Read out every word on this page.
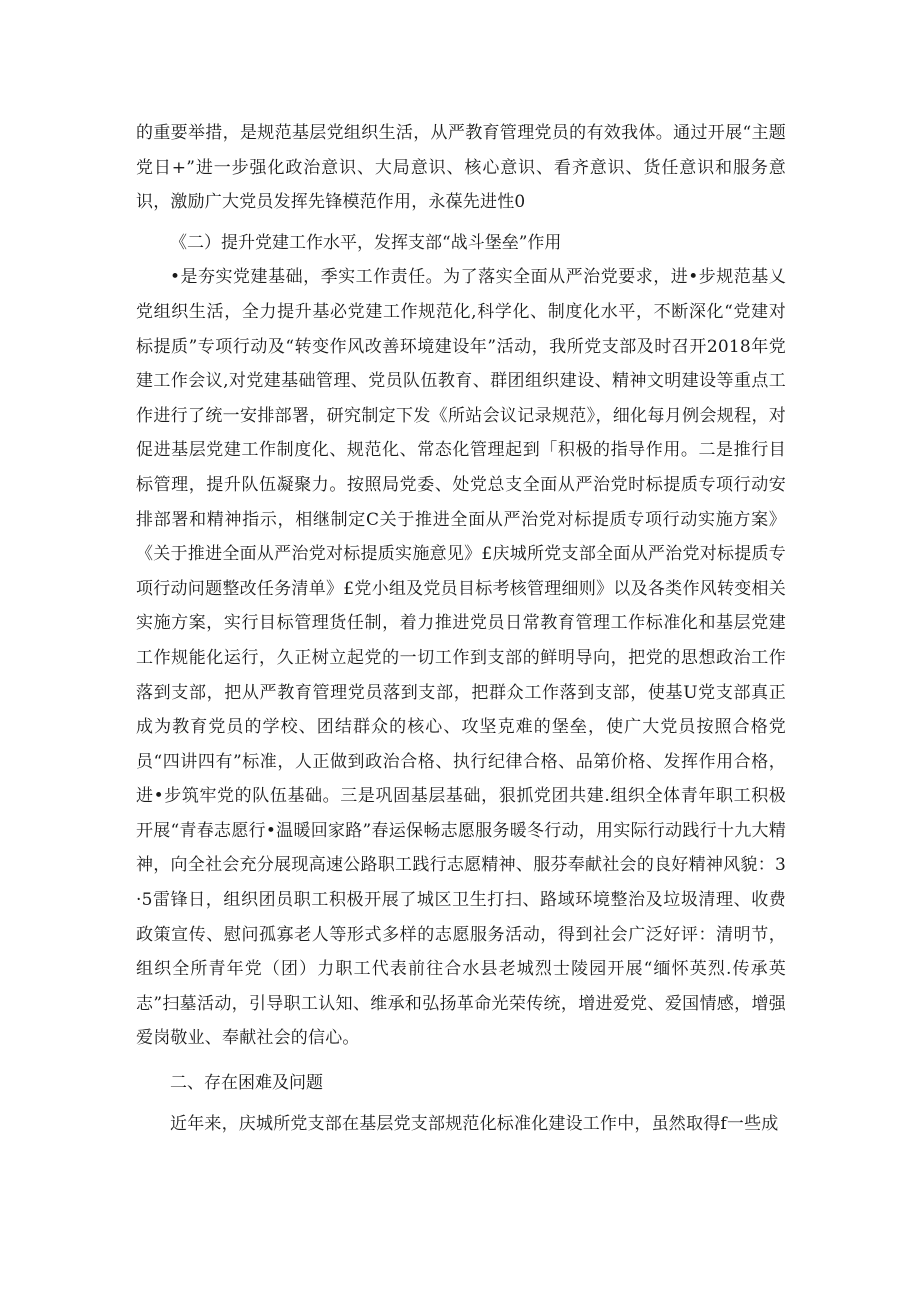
的重要举措，是规范基层党组织生活，从严教育管理党员的有效我体。通过开展“主题党日+”进一步强化政治意识、大局意识、核心意识、看齐意识、货任意识和服务意识，激励广大党员发挥先锋模范作用，永葆先进性0

《二）提升党建工作水平，发挥支部“战斗堡垒”作用

•是夯实党建基础，季实工作责任。为了落实全面从严治党要求，进•步规范基乂党组织生活，全力提升基必党建工作规范化,科学化、制度化水平，不断深化“党建对标提质”专项行动及“转变作风改善环境建设年”活动，我所党支部及时召开2018年党建工作会议,对党建基础管理、党员队伍教育、群团组织建设、精神文明建设等重点工作进行了统一安排部署，研究制定下发《所站会议记录规范》，细化每月例会规程，对促进基层党建工作制度化、规范化、常态化管理起到「积极的指导作用。二是推行目标管理，提升队伍凝聚力。按照局党委、处党总支全面从严治党时标提质专项行动安排部署和精神指示，相继制定C关于推进全面从严治党对标提质专项行动实施方案》《关于推进全面从严治党对标提质实施意见》£庆城所党支部全面从严治党对标提质专项行动问题整改任务清单》£党小组及党员目标考核管理细则》以及各类作风转变相关实施方案，实行目标管理货任制，着力推进党员日常教育管理工作标准化和基层党建工作规能化运行，久正树立起党的一切工作到支部的鲜明导向，把党的思想政治工作落到支部，把从严教育管理党员落到支部，把群众工作落到支部，使基U党支部真正成为教育党员的学校、团结群众的核心、攻坚克难的堡垒，使广大党员按照合格党员“四讲四有”标准，人正做到政治合格、执行纪律合格、品第价格、发挥作用合格，进•步筑牢党的队伍基础。三是巩固基层基础，狠抓党团共建.组织全体青年职工积极开展“青春志愿行•温暖回家路”春运保畅志愿服务暖冬行动，用实际行动践行十九大精神，向全社会充分展现高速公路职工践行志愿精神、服芬奉献社会的良好精神风貌：3·5雷锋日，组织团员职工积极开展了城区卫生打扫、路域环境整治及垃圾清理、收费政策宣传、慰问孤寡老人等形式多样的志愿服务活动，得到社会广泛好评：清明节，组织全所青年党（团）力职工代表前往合水县老城烈士陵园开展“缅怀英烈.传承英志”扫墓活动，引导职工认知、维承和弘扬革命光荣传统，增进爱党、爱国情感，增强爱岗敬业、奉献社会的信心。

二、存在困难及问题

近年来，庆城所党支部在基层党支部规范化标准化建设工作中，虽然取得f一些成
